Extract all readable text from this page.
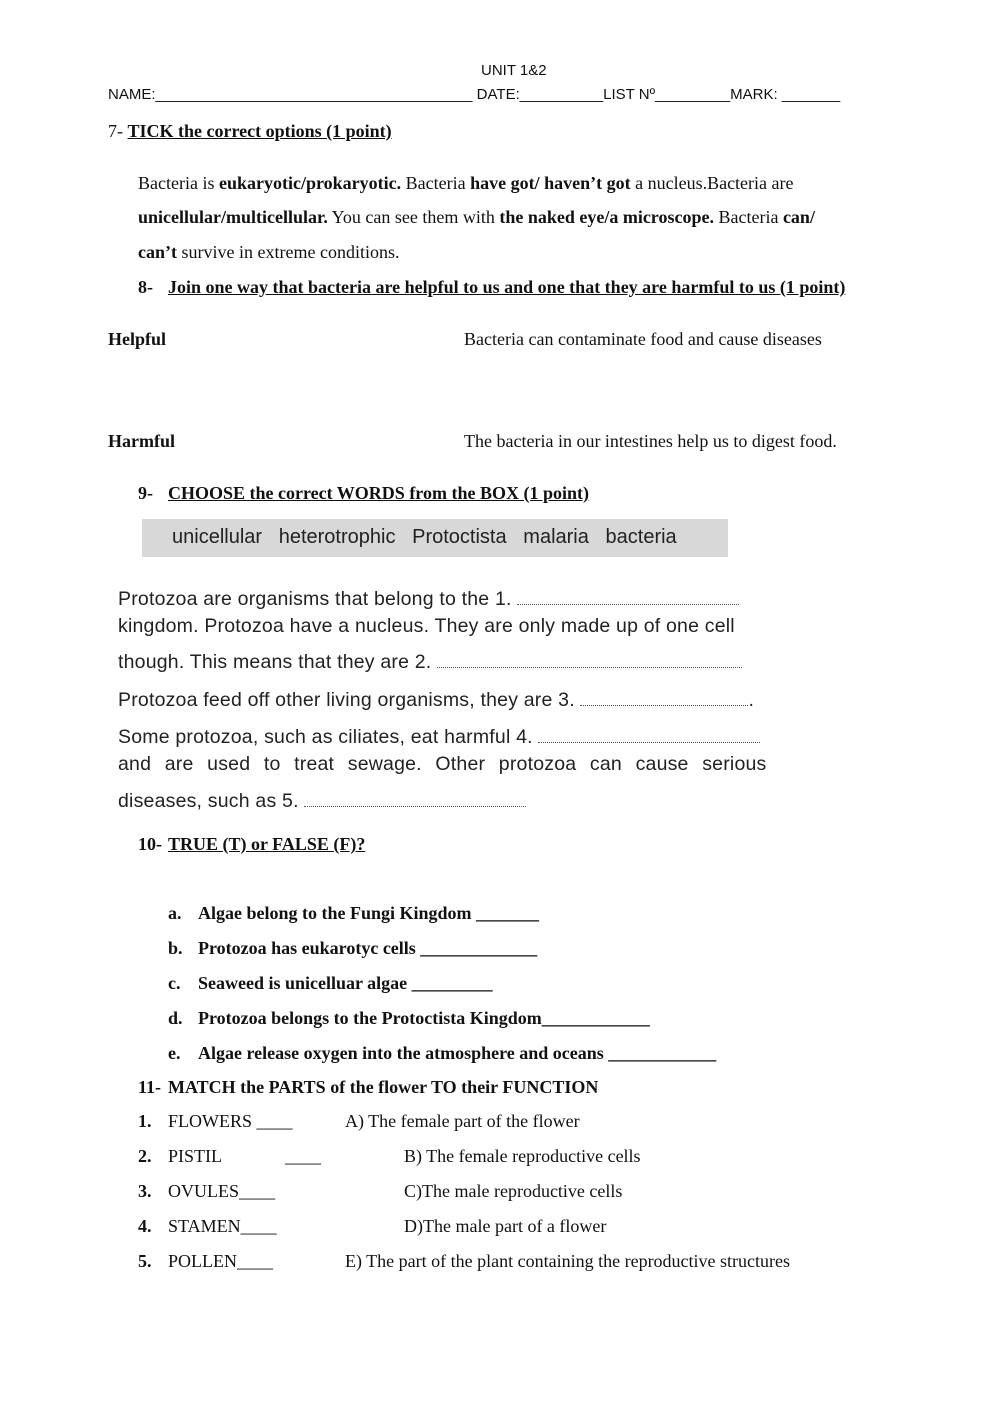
UNIT 1&2
NAME:______________________________________ DATE:__________LIST Nº_________MARK: _______
7- TICK the correct options (1 point)
Bacteria is eukaryotic/prokaryotic. Bacteria have got/ haven’t got a nucleus.Bacteria are
unicellular/multicellular. You can see them with the naked eye/a microscope. Bacteria can/
can’t survive in extreme conditions.
8- Join one way that bacteria are helpful to us and one that they are harmful to us (1 point)
Helpful	Bacteria can contaminate food and cause diseases
Harmful	The bacteria in our intestines help us to digest food.
9- CHOOSE the correct WORDS from the BOX (1 point)
unicellular   heterotrophic   Protoctista   malaria   bacteria
Protozoa are organisms that belong to the 1.
kingdom. Protozoa have a nucleus. They are only made up of one cell
though. This means that they are 2.
Protozoa feed off other living organisms, they are 3.	.
Some protozoa, such as ciliates, eat harmful 4.
and are used to treat sewage. Other protozoa can cause serious
diseases, such as 5.
10- TRUE (T) or FALSE (F)?
a. Algae belong to the Fungi Kingdom _______
b. Protozoa has eukarotyc cells _____________
c. Seaweed is unicelluar algae _________
d. Protozoa belongs to the Protoctista Kingdom____________
e. Algae release oxygen into the atmosphere and oceans ____________
11- MATCH the PARTS of the flower TO their FUNCTION
1. FLOWERS ____	A) The female part of the flower
2. PISTIL	____	B) The female reproductive cells
3. OVULES____	C)The male reproductive cells
4. STAMEN____	D)The male part of a flower
5. POLLEN____	E) The part of the plant containing the reproductive structures
